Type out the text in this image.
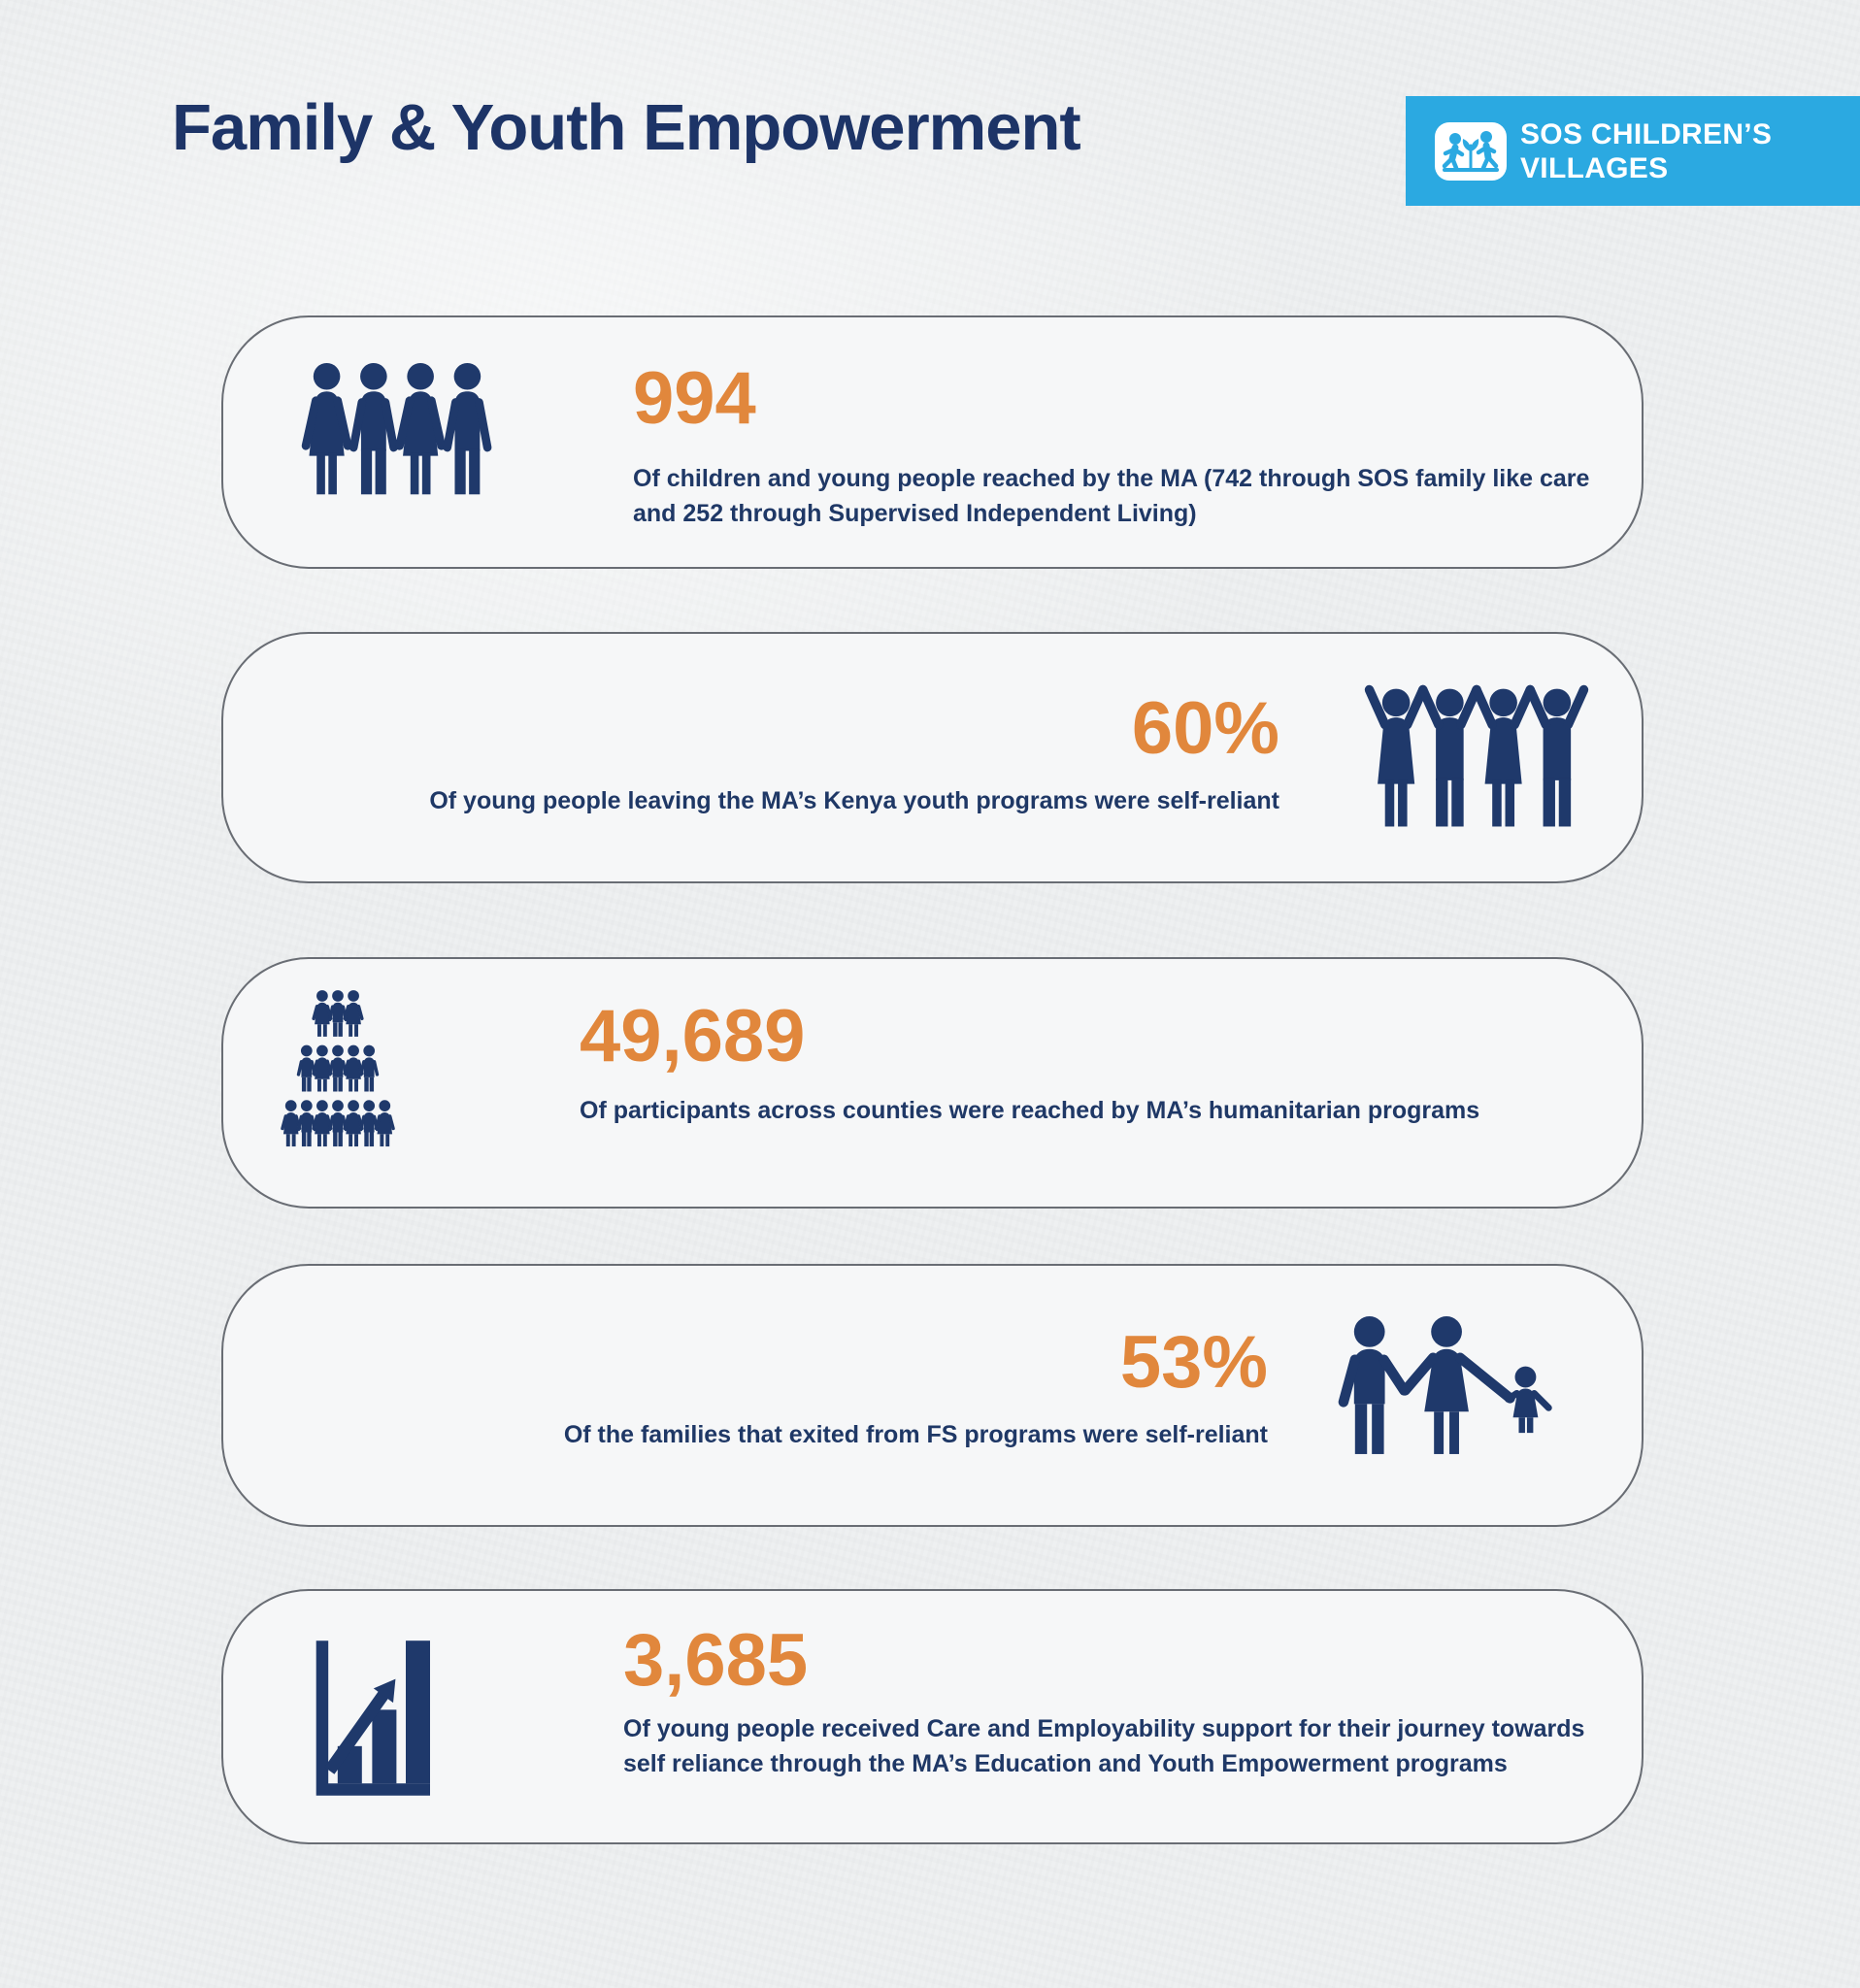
Family & Youth Empowerment	SOS CHILDREN’S
VILLAGES
994

Of children and young people reached by the MA (742 through SOS family like care and 252 through Supervised Independent Living)

60%

Of young people leaving the MA’s Kenya youth programs were self-reliant

49,689

Of participants across counties were reached by MA’s humanitarian programs

53%

Of the families that exited from FS programs were self-reliant

3,685

Of young people received Care and Employability support for their journey towards self reliance through the MA’s Education and Youth Empowerment programs
